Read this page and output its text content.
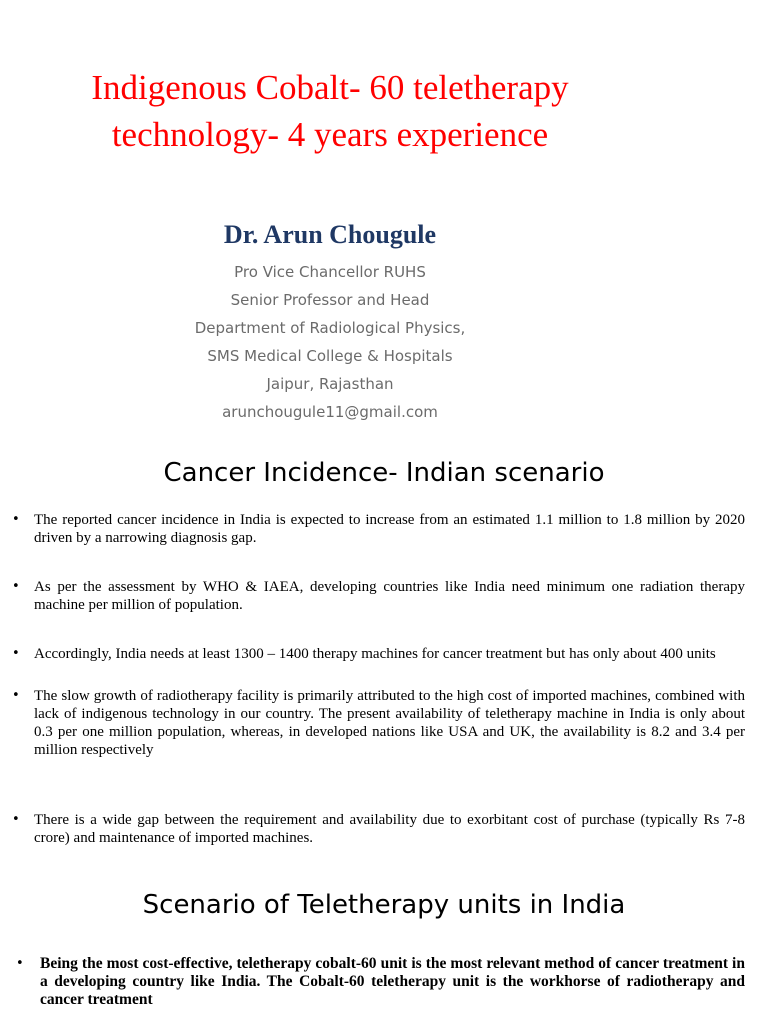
Indigenous Cobalt- 60 teletherapy
technology- 4 years experience
Dr. Arun Chougule
Pro Vice Chancellor RUHS
Senior Professor and Head
Department of Radiological Physics,
SMS Medical College & Hospitals
Jaipur, Rajasthan
arunchougule11@gmail.com
Cancer Incidence- Indian scenario
• The reported cancer incidence in India is expected to increase from an estimated 1.1 million to 1.8 million by 2020 driven by a narrowing diagnosis gap.
• As per the assessment by WHO & IAEA, developing countries like India need minimum one radiation therapy machine per million of population.
• Accordingly, India needs at least 1300 – 1400 therapy machines for cancer treatment but has only about 400 units
• The slow growth of radiotherapy facility is primarily attributed to the high cost of imported machines, combined with lack of indigenous technology in our country. The present availability of teletherapy machine in India is only about 0.3 per one million population, whereas, in developed nations like USA and UK, the availability is 8.2 and 3.4 per million respectively
• There is a wide gap between the requirement and availability due to exorbitant cost of purchase (typically Rs 7-8 crore) and maintenance of imported machines.
Scenario of Teletherapy units in India
• Being the most cost-effective, teletherapy cobalt-60 unit is the most relevant method of cancer treatment in a developing country like India. The Cobalt-60 teletherapy unit is the workhorse of radiotherapy and cancer treatment
